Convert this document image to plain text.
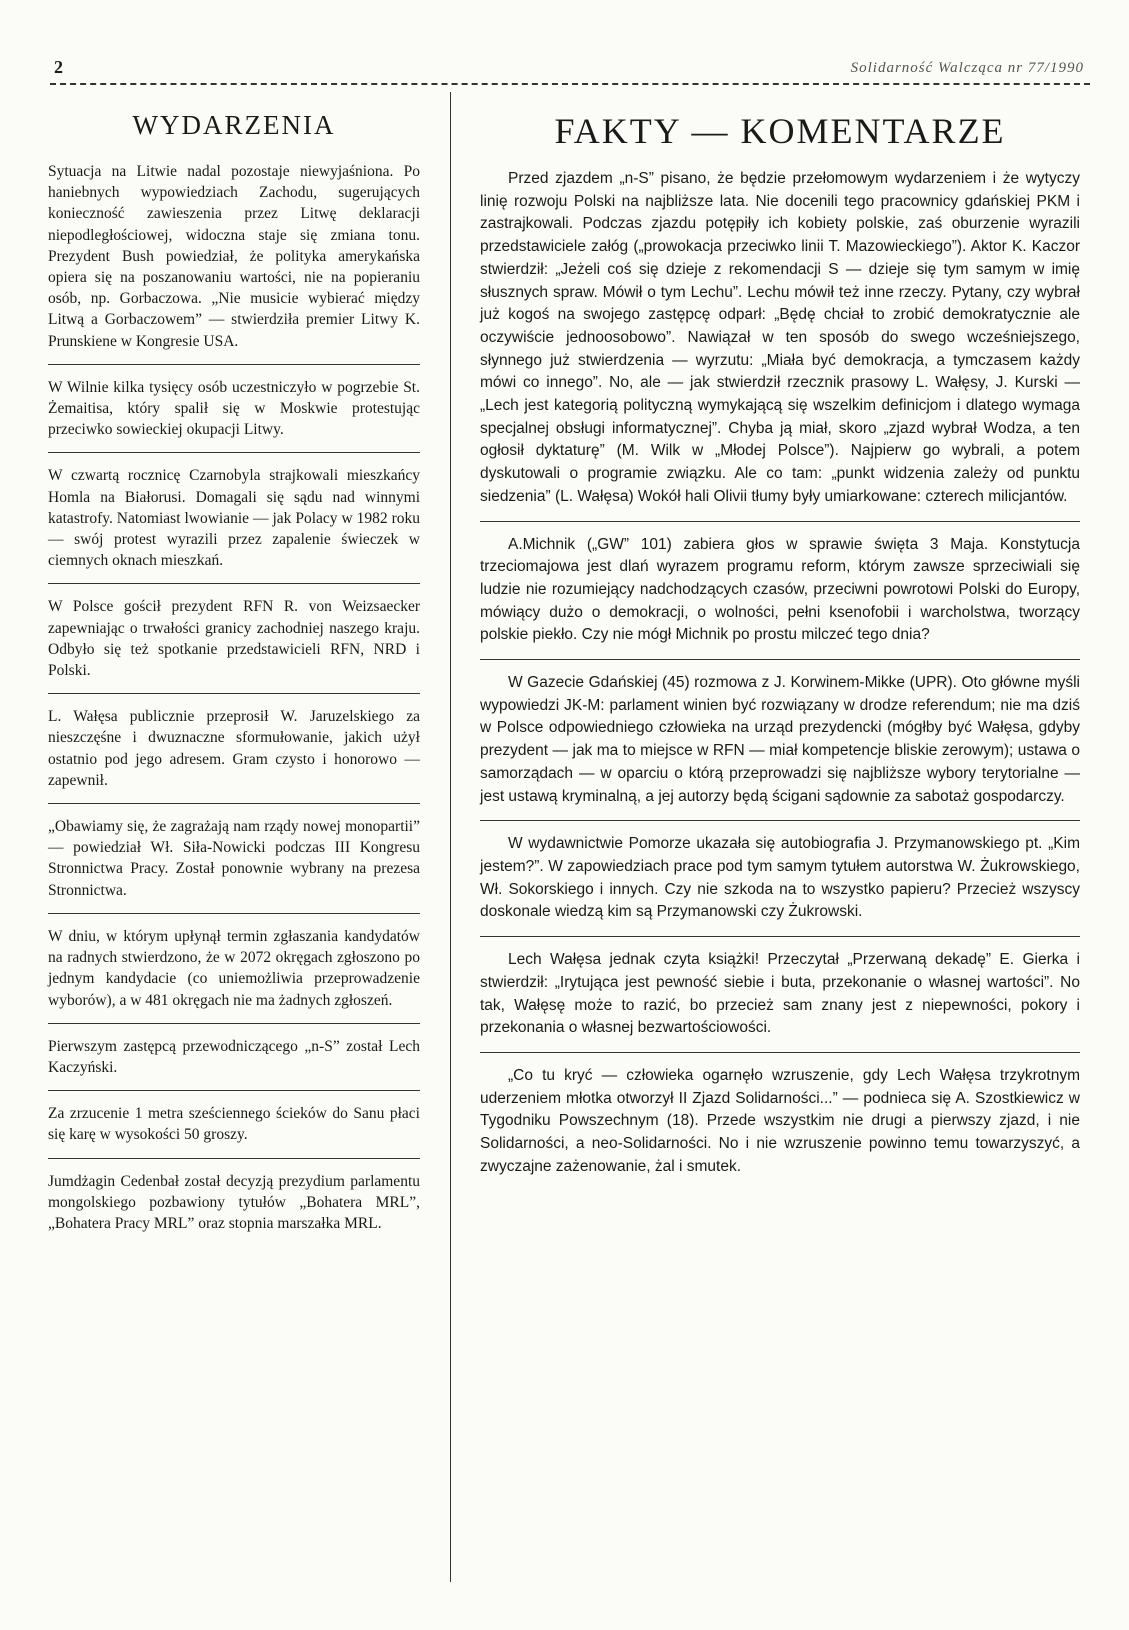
2	Solidarność Walcząca nr 77/1990
WYDARZENIA

Sytuacja na Litwie nadal pozostaje niewyjaśniona. Po haniebnych wypowiedziach Zachodu, sugerujących konieczność zawieszenia przez Litwę deklaracji niepodległościowej, widoczna staje się zmiana tonu. Prezydent Bush powiedział, że polityka amerykańska opiera się na poszanowaniu wartości, nie na popieraniu osób, np. Gorbaczowa. „Nie musicie wybierać między Litwą a Gorbaczowem” — stwierdziła premier Litwy K. Prunskiene w Kongresie USA.

W Wilnie kilka tysięcy osób uczestniczyło w pogrzebie St. Żemaitisa, który spalił się w Moskwie protestując przeciwko sowieckiej okupacji Litwy.

W czwartą rocznicę Czarnobyla strajkowali mieszkańcy Homla na Białorusi. Domagali się sądu nad winnymi katastrofy. Natomiast lwowianie — jak Polacy w 1982 roku — swój protest wyrazili przez zapalenie świeczek w ciemnych oknach mieszkań.

W Polsce gościł prezydent RFN R. von Weizsaecker zapewniając o trwałości granicy zachodniej naszego kraju. Odbyło się też spotkanie przedstawicieli RFN, NRD i Polski.

L. Wałęsa publicznie przeprosił W. Jaruzelskiego za nieszczęśne i dwuznaczne sformułowanie, jakich użył ostatnio pod jego adresem. Gram czysto i honorowo — zapewnił.

„Obawiamy się, że zagrażają nam rządy nowej monopartii” — powiedział Wł. Siła-Nowicki podczas III Kongresu Stronnictwa Pracy. Został ponownie wybrany na prezesa Stronnictwa.

W dniu, w którym upłynął termin zgłaszania kandydatów na radnych stwierdzono, że w 2072 okręgach zgłoszono po jednym kandydacie (co uniemożliwia przeprowadzenie wyborów), a w 481 okręgach nie ma żadnych zgłoszeń.

Pierwszym zastępcą przewodniczącego „n-S” został Lech Kaczyński.

Za zrzucenie 1 metra sześciennego ścieków do Sanu płaci się karę w wysokości 50 groszy.

Jumdżagin Cedenbał został decyzją prezydium parlamentu mongolskiego pozbawiony tytułów „Bohatera MRL”, „Bohatera Pracy MRL” oraz stopnia marszałka MRL.

FAKTY — KOMENTARZE

Przed zjazdem „n-S” pisano, że będzie przełomowym wydarzeniem i że wytyczy linię rozwoju Polski na najbliższe lata. Nie docenili tego pracownicy gdańskiej PKM i zastrajkowali. Podczas zjazdu potępiły ich kobiety polskie, zaś oburzenie wyrazili przedstawiciele załóg („prowokacja przeciwko linii T. Mazowieckiego”). Aktor K. Kaczor stwierdził: „Jeżeli coś się dzieje z rekomendacji S — dzieje się tym samym w imię słusznych spraw. Mówił o tym Lechu”. Lechu mówił też inne rzeczy. Pytany, czy wybrał już kogoś na swojego zastępcę odparł: „Będę chciał to zrobić demokratycznie ale oczywiście jednoosobowo”. Nawiązał w ten sposób do swego wcześniejszego, słynnego już stwierdzenia — wyrzutu: „Miała być demokracja, a tymczasem każdy mówi co innego”. No, ale — jak stwierdził rzecznik prasowy L. Wałęsy, J. Kurski — „Lech jest kategorią polityczną wymykającą się wszelkim definicjom i dlatego wymaga specjalnej obsługi informatycznej”. Chyba ją miał, skoro „zjazd wybrał Wodza, a ten ogłosił dyktaturę” (M. Wilk w „Młodej Polsce”). Najpierw go wybrali, a potem dyskutowali o programie związku. Ale co tam: „punkt widzenia zależy od punktu siedzenia” (L. Wałęsa) Wokół hali Olivii tłumy były umiarkowane: czterech milicjantów.

A.Michnik („GW” 101) zabiera głos w sprawie święta 3 Maja. Konstytucja trzeciomajowa jest dlań wyrazem programu reform, którym zawsze sprzeciwiali się ludzie nie rozumiejący nadchodzących czasów, przeciwni powrotowi Polski do Europy, mówiący dużo o demokracji, o wolności, pełni ksenofobii i warcholstwa, tworzący polskie piekło. Czy nie mógł Michnik po prostu milczeć tego dnia?

W Gazecie Gdańskiej (45) rozmowa z J. Korwinem-Mikke (UPR). Oto główne myśli wypowiedzi JK-M: parlament winien być rozwiązany w drodze referendum; nie ma dziś w Polsce odpowiedniego człowieka na urząd prezydencki (mógłby być Wałęsa, gdyby prezydent — jak ma to miejsce w RFN — miał kompetencje bliskie zerowym); ustawa o samorządach — w oparciu o którą przeprowadzi się najbliższe wybory terytorialne — jest ustawą kryminalną, a jej autorzy będą ścigani sądownie za sabotaż gospodarczy.

W wydawnictwie Pomorze ukazała się autobiografia J. Przymanowskiego pt. „Kim jestem?”. W zapowiedziach prace pod tym samym tytułem autorstwa W. Żukrowskiego, Wł. Sokorskiego i innych. Czy nie szkoda na to wszystko papieru? Przecież wszyscy doskonale wiedzą kim są Przymanowski czy Żukrowski.

Lech Wałęsa jednak czyta książki! Przeczytał „Przerwaną dekadę” E. Gierka i stwierdził: „Irytująca jest pewność siebie i buta, przekonanie o własnej wartości”. No tak, Wałęsę może to razić, bo przecież sam znany jest z niepewności, pokory i przekonania o własnej bezwartościowości.

„Co tu kryć — człowieka ogarnęło wzruszenie, gdy Lech Wałęsa trzykrotnym uderzeniem młotka otworzył II Zjazd Solidarności...” — podnieca się A. Szostkiewicz w Tygodniku Powszechnym (18). Przede wszystkim nie drugi a pierwszy zjazd, i nie Solidarności, a neo-Solidarności. No i nie wzruszenie powinno temu towarzyszyć, a zwyczajne zażenowanie, żal i smutek.
